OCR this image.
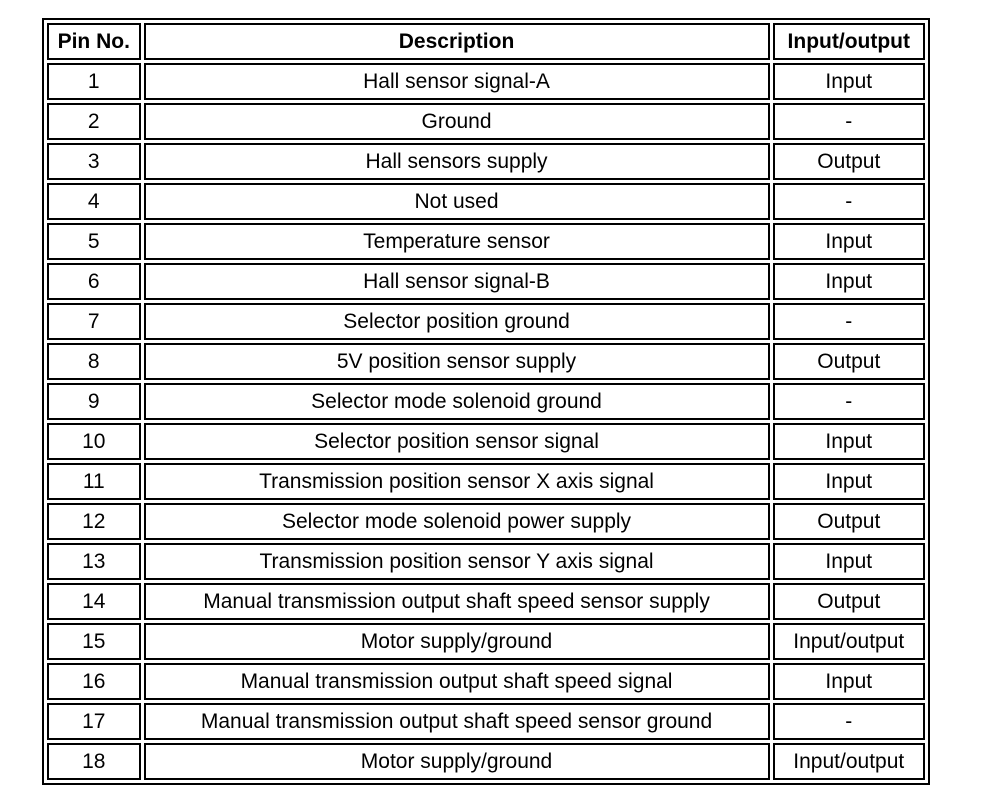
Pin No.	Description	Input/output
1	Hall sensor signal-A	Input
2	Ground	-
3	Hall sensors supply	Output
4	Not used	-
5	Temperature sensor	Input
6	Hall sensor signal-B	Input
7	Selector position ground	-
8	5V position sensor supply	Output
9	Selector mode solenoid ground	-
10	Selector position sensor signal	Input
11	Transmission position sensor X axis signal	Input
12	Selector mode solenoid power supply	Output
13	Transmission position sensor Y axis signal	Input
14	Manual transmission output shaft speed sensor supply	Output
15	Motor supply/ground	Input/output
16	Manual transmission output shaft speed signal	Input
17	Manual transmission output shaft speed sensor ground	-
18	Motor supply/ground	Input/output
